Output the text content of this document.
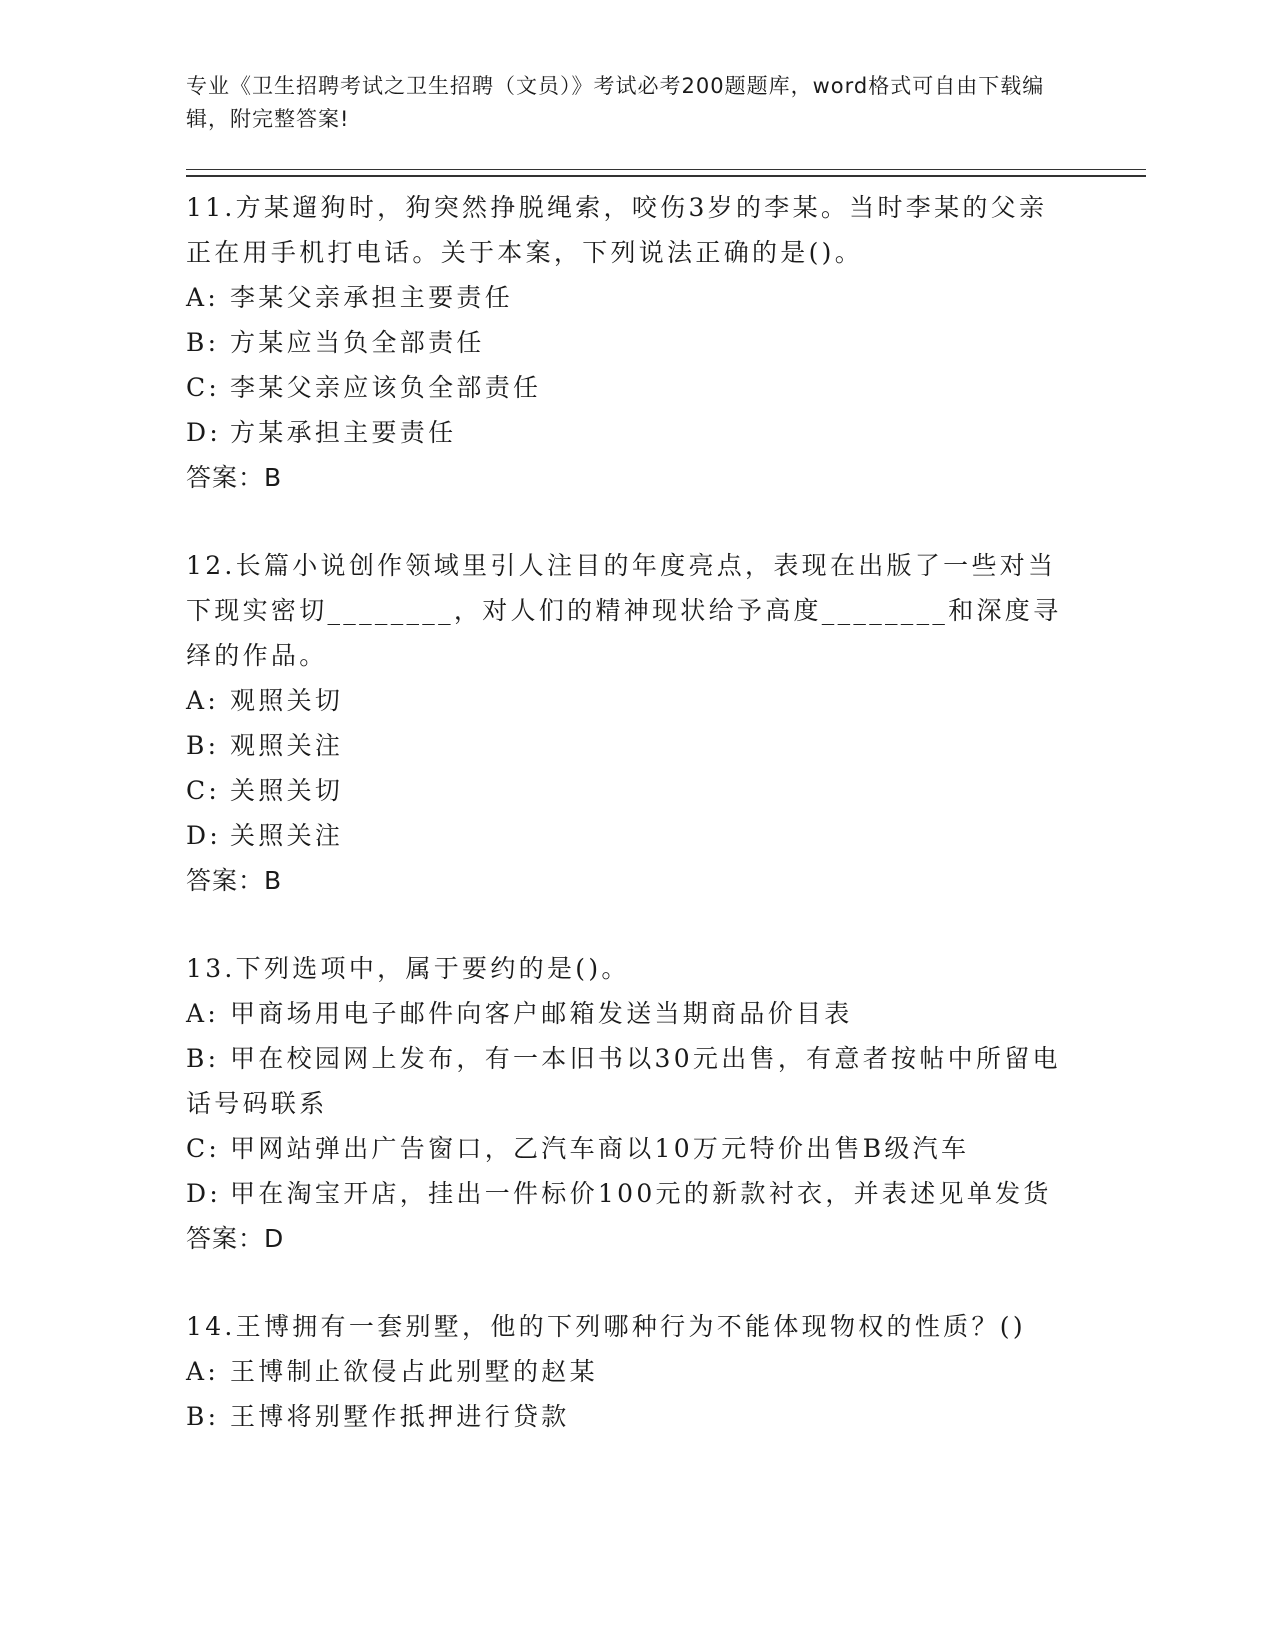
专业《卫生招聘考试之卫生招聘（文员）》考试必考200题题库，word格式可自由下载编辑，附完整答案!

11.方某遛狗时，狗突然挣脱绳索，咬伤3岁的李某。当时李某的父亲正在用手机打电话。关于本案，下列说法正确的是()。

A: 李某父亲承担主要责任

B: 方某应当负全部责任

C: 李某父亲应该负全部责任

D: 方某承担主要责任

答案：B

12.长篇小说创作领域里引人注目的年度亮点，表现在出版了一些对当下现实密切________，对人们的精神现状给予高度________和深度寻绎的作品。

A: 观照关切

B: 观照关注

C: 关照关切

D: 关照关注

答案：B

13.下列选项中，属于要约的是()。

A: 甲商场用电子邮件向客户邮箱发送当期商品价目表

B: 甲在校园网上发布，有一本旧书以30元出售，有意者按帖中所留电话号码联系

C: 甲网站弹出广告窗口，乙汽车商以10万元特价出售B级汽车

D: 甲在淘宝开店，挂出一件标价100元的新款衬衣，并表述见单发货

答案：D

14.王博拥有一套别墅，他的下列哪种行为不能体现物权的性质？()

A: 王博制止欲侵占此别墅的赵某

B: 王博将别墅作抵押进行贷款
